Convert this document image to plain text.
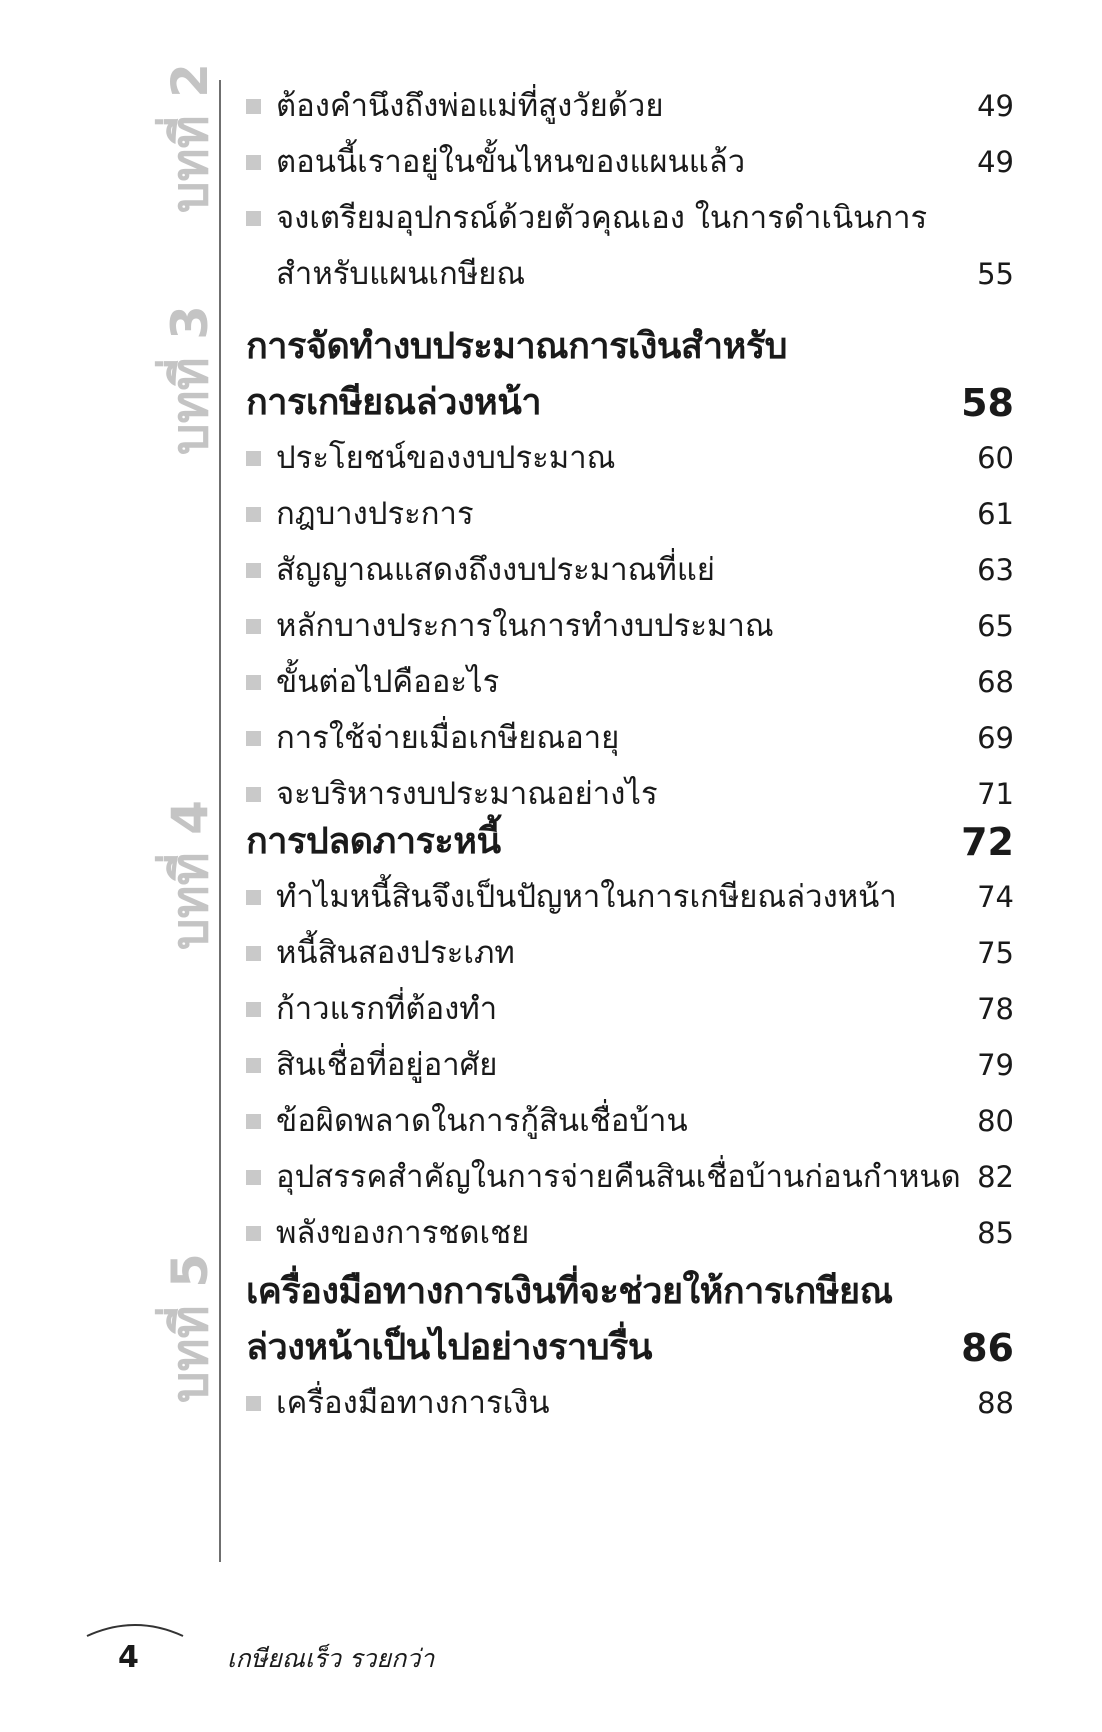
ต้องคำนึงถึงพ่อแม่ที่สูงวัยด้วย	49
ตอนนี้เราอยู่ในขั้นไหนของแผนแล้ว	49
จงเตรียมอุปกรณ์ด้วยตัวคุณเอง ในการดำเนินการ
สำหรับแผนเกษียณ	55
การจัดทำงบประมาณการเงินสำหรับ
การเกษียณล่วงหน้า	58
ประโยชน์ของงบประมาณ	60
กฎบางประการ	61
สัญญาณแสดงถึงงบประมาณที่แย่	63
หลักบางประการในการทำงบประมาณ	65
ขั้นต่อไปคืออะไร	68
การใช้จ่ายเมื่อเกษียณอายุ	69
จะบริหารงบประมาณอย่างไร	71
การปลดภาระหนี้	72
ทำไมหนี้สินจึงเป็นปัญหาในการเกษียณล่วงหน้า	74
หนี้สินสองประเภท	75
ก้าวแรกที่ต้องทำ	78
สินเชื่อที่อยู่อาศัย	79
ข้อผิดพลาดในการกู้สินเชื่อบ้าน	80
อุปสรรคสำคัญในการจ่ายคืนสินเชื่อบ้านก่อนกำหนด 82
พลังของการชดเชย	85
เครื่องมือทางการเงินที่จะช่วยให้การเกษียณ
ล่วงหน้าเป็นไปอย่างราบรื่น	86
เครื่องมือทางการเงิน	88
4	เกษียณเร็ว รวยกว่า
บทที่ 2
บทที่ 3
บทที่ 4
บทที่ 5
